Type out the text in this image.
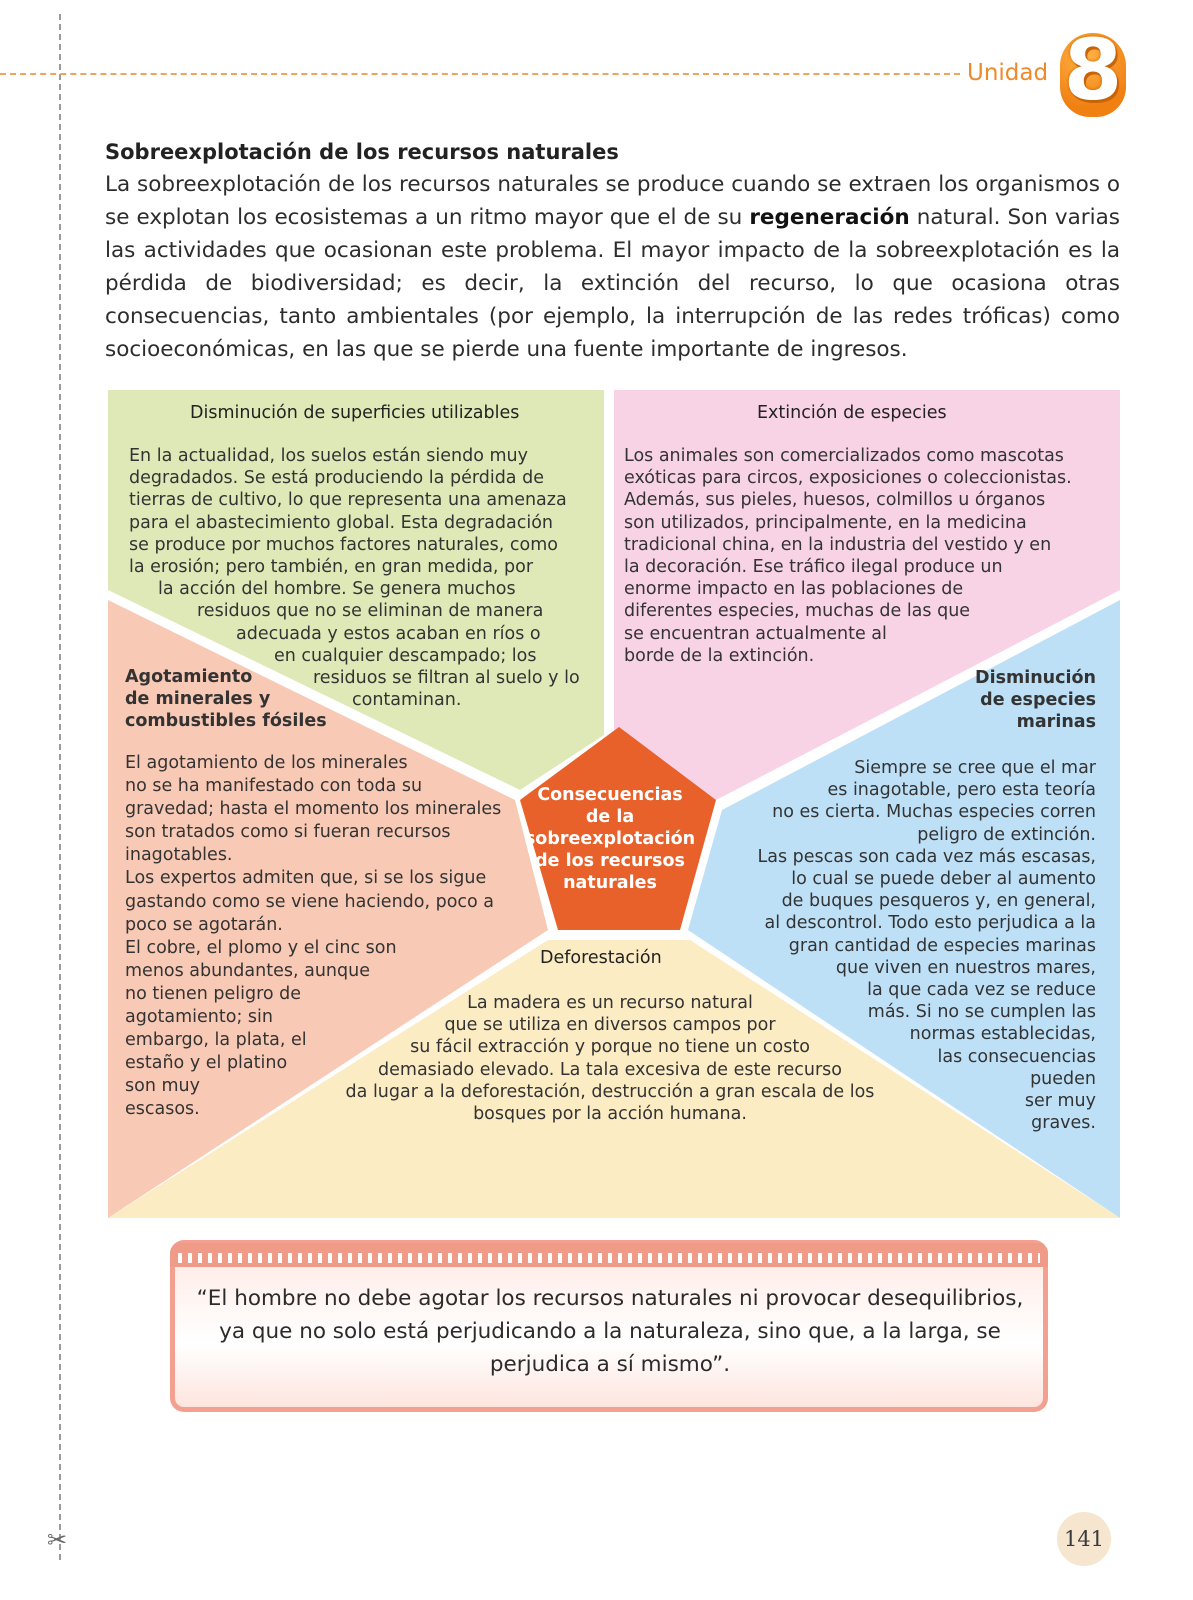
Unidad 8

Sobreexplotación de los recursos naturales

La sobreexplotación de los recursos naturales se produce cuando se extraen los organismos o se explotan los ecosistemas a un ritmo mayor que el de su regeneración natural. Son varias las actividades que ocasionan este problema. El mayor impacto de la sobreexplotación es la pérdida de biodiversidad; es decir, la extinción del recurso, lo que ocasiona otras consecuencias, tanto ambientales (por ejemplo, la interrupción de las redes tróficas) como socioeconómicas, en las que se pierde una fuente importante de ingresos.

Disminución de superficies utilizables
En la actualidad, los suelos están siendo muy
degradados. Se está produciendo la pérdida de
tierras de cultivo, lo que representa una amenaza
para el abastecimiento global. Esta degradación
se produce por muchos factores naturales, como
la erosión; pero también, en gran medida, por
la acción del hombre. Se genera muchos
residuos que no se eliminan de manera
adecuada y estos acaban en ríos o
en cualquier descampado; los
residuos se filtran al suelo y lo
contaminan.
Extinción de especies
Los animales son comercializados como mascotas
exóticas para circos, exposiciones o coleccionistas.
Además, sus pieles, huesos, colmillos u órganos
son utilizados, principalmente, en la medicina
tradicional china, en la industria del vestido y en
la decoración. Ese tráfico ilegal produce un
enorme impacto en las poblaciones de
diferentes especies, muchas de las que
se encuentran actualmente al
borde de la extinción.
Agotamiento
de minerales y
combustibles fósiles
El agotamiento de los minerales
no se ha manifestado con toda su
gravedad; hasta el momento los minerales
son tratados como si fueran recursos
inagotables.
Los expertos admiten que, si se los sigue
gastando como se viene haciendo, poco a
poco se agotarán.
El cobre, el plomo y el cinc son
menos abundantes, aunque
no tienen peligro de
agotamiento; sin
embargo, la plata, el
estaño y el platino
son muy
escasos.
Disminución
de especies
marinas
Siempre se cree que el mar
es inagotable, pero esta teoría
no es cierta. Muchas especies corren
peligro de extinción.
Las pescas son cada vez más escasas,
lo cual se puede deber al aumento
de buques pesqueros y, en general,
al descontrol. Todo esto perjudica a la
gran cantidad de especies marinas
que viven en nuestros mares,
la que cada vez se reduce
más. Si no se cumplen las
normas establecidas,
las consecuencias
pueden
ser muy
graves.
Deforestación
La madera es un recurso natural
que se utiliza en diversos campos por
su fácil extracción y porque no tiene un costo
demasiado elevado. La tala excesiva de este recurso
da lugar a la deforestación, destrucción a gran escala de los
bosques por la acción humana.
Consecuencias
de la
sobreexplotación
de los recursos
naturales
“El hombre no debe agotar los recursos naturales ni provocar desequilibrios,
ya que no solo está perjudicando a la naturaleza, sino que, a la larga, se
perjudica a sí mismo”.
✂	141
